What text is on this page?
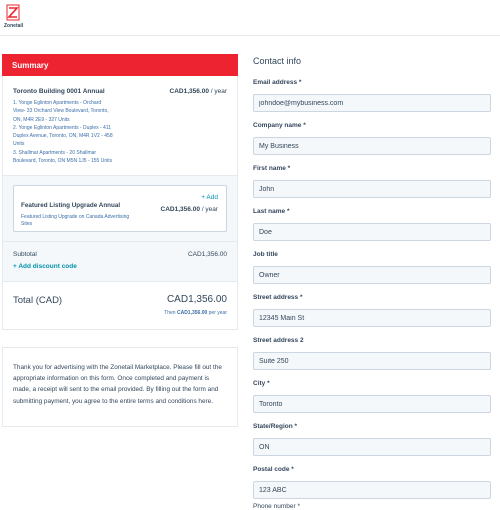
Zonetail
Summary
Toronto Building 0001 Annual	CAD1,356.00 / year
1. Yonge Eglinton Apartments - Orchard
View- 33 Orchard View Boulevard, Toronto,
ON, M4R 2E9 - 327 Units
2. Yonge Eglinton Apartments - Duplex - 411
Duplex Avenue, Toronto, ON, M4R 1V2 - 458
Units
3. Shallmar Apartments - 20 Shallmar
Boulevard, Toronto, ON M5N 1J5 - 155 Units
Featured Listing Upgrade Annual
Featured Listing Upgrade on Canada Advertising Sites
+ Add
CAD1,356.00 / year
Subtotal	CAD1,356.00
+ Add discount code
Total (CAD)	CAD1,356.00
Then CAD1,356.00 per year

Thank you for advertising with the Zonetail Marketplace. Please fill out the appropriate information on this form. Once completed and payment is made, a receipt will sent to the email provided. By filling out the form and submitting payment, you agree to the entire terms and conditions here.

Contact info
Email address *
johndoe@mybusiness.com
Company name *
My Business
First name *
John
Last name *
Doe
Job title
Owner
Street address *
12345 Main St
Street address 2
Suite 250
City *
Toronto
State/Region *
ON
Postal code *
123 ABC
Phone number *
